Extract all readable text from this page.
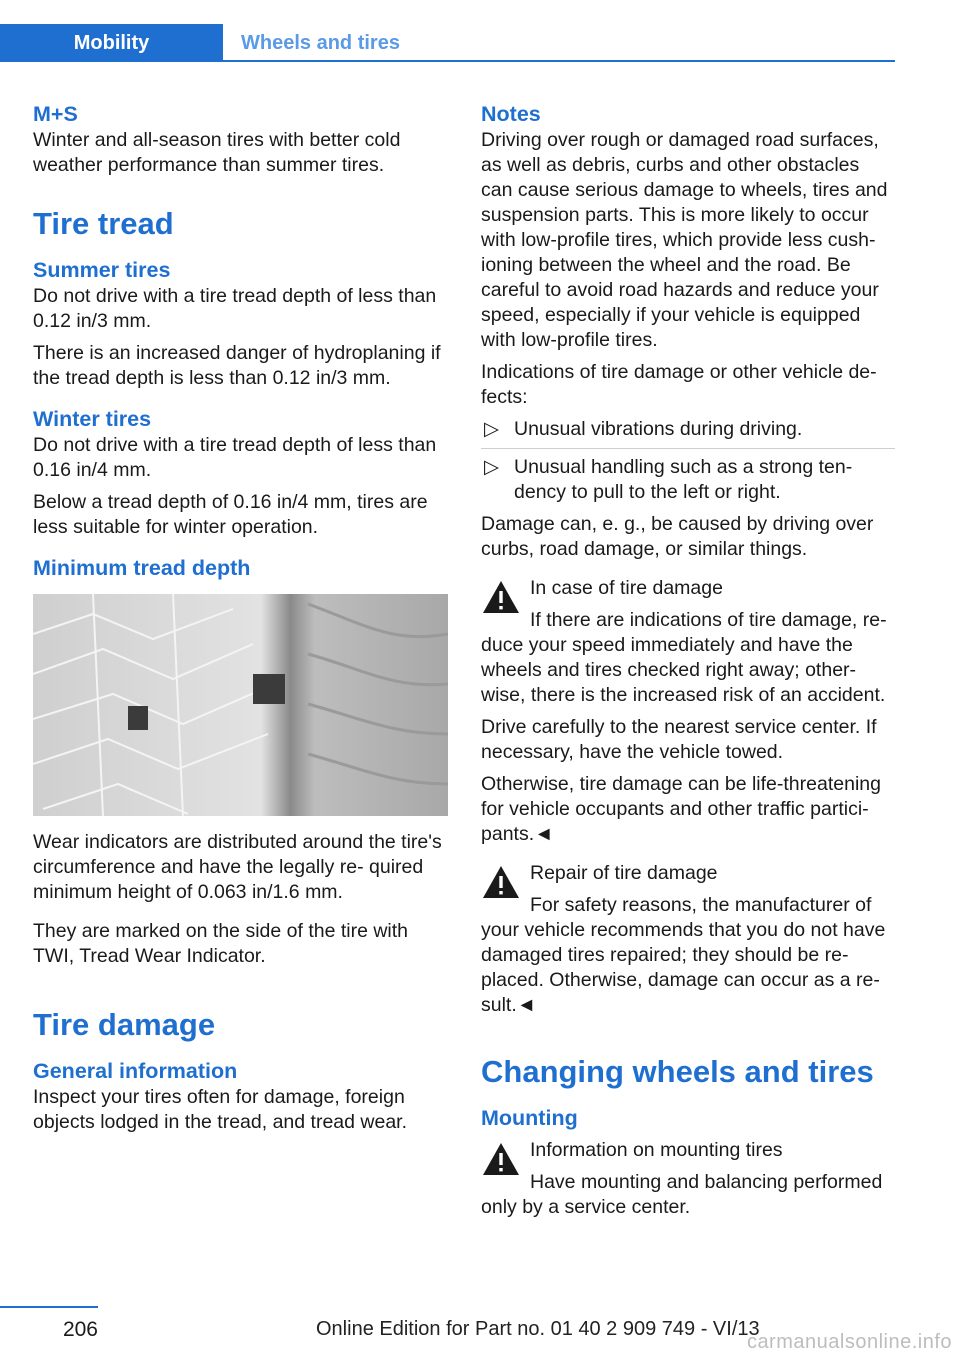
Mobility	Wheels and tires
M+S

Winter and all-season tires with better cold weather performance than summer tires.

Tire tread
Summer tires

Do not drive with a tire tread depth of less than 0.12 in/3 mm.

There is an increased danger of hydroplaning if the tread depth is less than 0.12 in/3 mm.

Winter tires

Do not drive with a tire tread depth of less than 0.16 in/4 mm.

Below a tread depth of 0.16 in/4 mm, tires are less suitable for winter operation.

Minimum tread depth

Wear indicators are distributed around the tire's circumference and have the legally re‐ quired minimum height of 0.063 in/1.6 mm.

They are marked on the side of the tire with TWI, Tread Wear Indicator.

Tire damage
General information

Inspect your tires often for damage, foreign objects lodged in the tread, and tread wear.

Notes

Driving over rough or damaged road surfaces, as well as debris, curbs and other obstacles can cause serious damage to wheels, tires and suspension parts. This is more likely to occur with low-profile tires, which provide less cush‐ ioning between the wheel and the road. Be careful to avoid road hazards and reduce your speed, especially if your vehicle is equipped with low-profile tires.

Indications of tire damage or other vehicle de‐ fects:

▷ Unusual vibrations during driving.
▷ Unusual handling such as a strong ten‐ dency to pull to the left or right.

Damage can, e. g., be caused by driving over curbs, road damage, or similar things.

In case of tire damage

If there are indications of tire damage, re‐

duce your speed immediately and have the wheels and tires checked right away; other‐ wise, there is the increased risk of an accident.

Drive carefully to the nearest service center. If necessary, have the vehicle towed.

Otherwise, tire damage can be life-threatening for vehicle occupants and other traffic partici‐ pants.◄

Repair of tire damage

For safety reasons, the manufacturer of

your vehicle recommends that you do not have damaged tires repaired; they should be re‐ placed. Otherwise, damage can occur as a re‐ sult.◄

Changing wheels and tires
Mounting

Information on mounting tires

Have mounting and balancing performed

only by a service center.

206	Online Edition for Part no. 01 40 2 909 749 - VI/13
carmanualsonline.info
